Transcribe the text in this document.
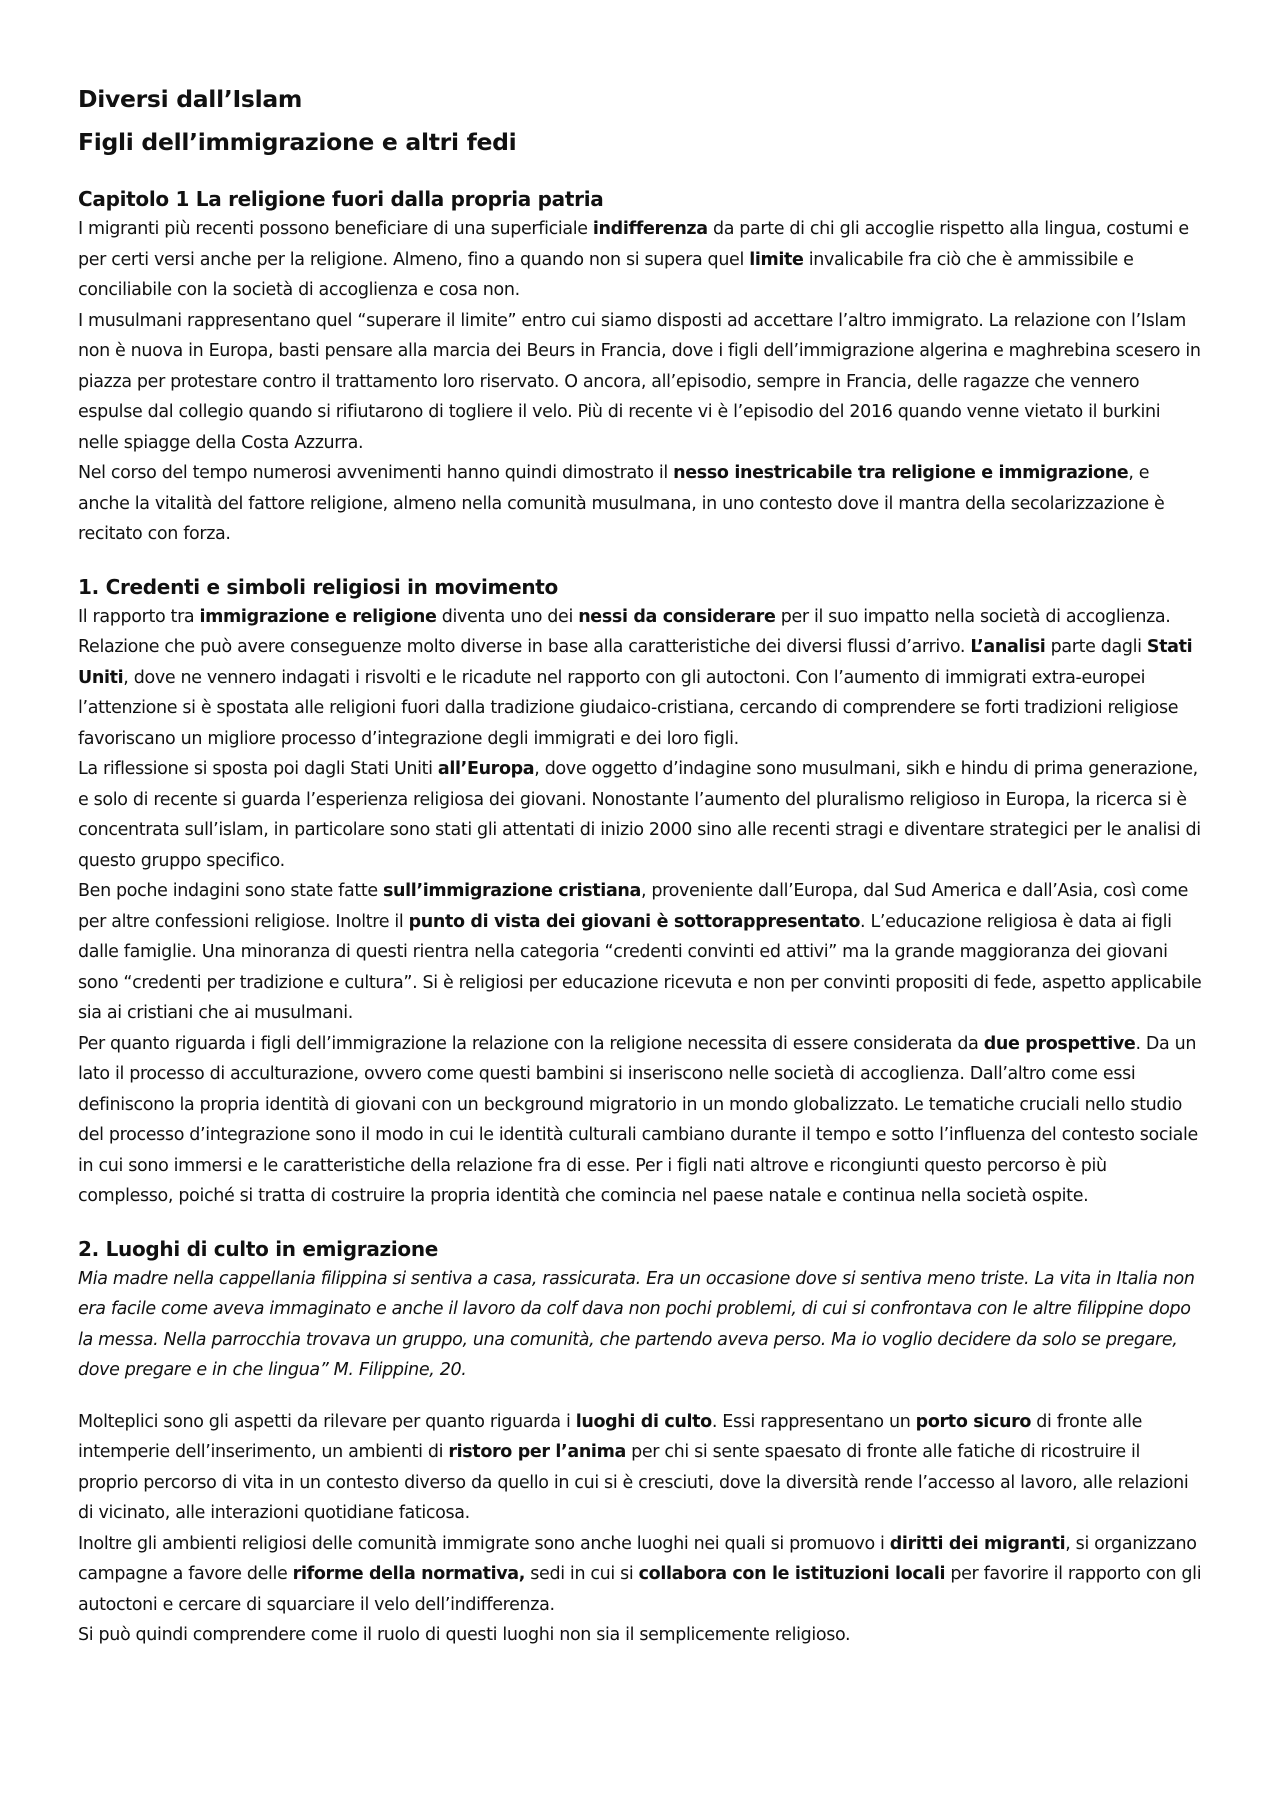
Diversi dall’Islam
Figli dell’immigrazione e altri fedi
Capitolo 1 La religione fuori dalla propria patria

I migranti più recenti possono beneficiare di una superficiale indifferenza da parte di chi gli accoglie rispetto alla lingua, costumi e per certi versi anche per la religione. Almeno, fino a quando non si supera quel limite invalicabile fra ciò che è ammissibile e conciliabile con la società di accoglienza e cosa non.

I musulmani rappresentano quel “superare il limite” entro cui siamo disposti ad accettare l’altro immigrato. La relazione con l’Islam non è nuova in Europa, basti pensare alla marcia dei Beurs in Francia, dove i figli dell’immigrazione algerina e maghrebina scesero in piazza per protestare contro il trattamento loro riservato. O ancora, all’episodio, sempre in Francia, delle ragazze che vennero espulse dal collegio quando si rifiutarono di togliere il velo. Più di recente vi è l’episodio del 2016 quando venne vietato il burkini nelle spiagge della Costa Azzurra.

Nel corso del tempo numerosi avvenimenti hanno quindi dimostrato il nesso inestricabile tra religione e immigrazione, e anche la vitalità del fattore religione, almeno nella comunità musulmana, in uno contesto dove il mantra della secolarizzazione è recitato con forza.

1. Credenti e simboli religiosi in movimento

Il rapporto tra immigrazione e religione diventa uno dei nessi da considerare per il suo impatto nella società di accoglienza. Relazione che può avere conseguenze molto diverse in base alla caratteristiche dei diversi flussi d’arrivo. L’analisi parte dagli Stati Uniti, dove ne vennero indagati i risvolti e le ricadute nel rapporto con gli autoctoni. Con l’aumento di immigrati extra-europei l’attenzione si è spostata alle religioni fuori dalla tradizione giudaico-cristiana, cercando di comprendere se forti tradizioni religiose favoriscano un migliore processo d’integrazione degli immigrati e dei loro figli.

La riflessione si sposta poi dagli Stati Uniti all’Europa, dove oggetto d’indagine sono musulmani, sikh e hindu di prima generazione, e solo di recente si guarda l’esperienza religiosa dei giovani. Nonostante l’aumento del pluralismo religioso in Europa, la ricerca si è concentrata sull’islam, in particolare sono stati gli attentati di inizio 2000 sino alle recenti stragi e diventare strategici per le analisi di questo gruppo specifico.

Ben poche indagini sono state fatte sull’immigrazione cristiana, proveniente dall’Europa, dal Sud America e dall’Asia, così come per altre confessioni religiose. Inoltre il punto di vista dei giovani è sottorappresentato. L’educazione religiosa è data ai figli dalle famiglie. Una minoranza di questi rientra nella categoria “credenti convinti ed attivi” ma la grande maggioranza dei giovani sono “credenti per tradizione e cultura”. Si è religiosi per educazione ricevuta e non per convinti propositi di fede, aspetto applicabile sia ai cristiani che ai musulmani.

Per quanto riguarda i figli dell’immigrazione la relazione con la religione necessita di essere considerata da due prospettive. Da un lato il processo di acculturazione, ovvero come questi bambini si inseriscono nelle società di accoglienza. Dall’altro come essi definiscono la propria identità di giovani con un beckground migratorio in un mondo globalizzato. Le tematiche cruciali nello studio del processo d’integrazione sono il modo in cui le identità culturali cambiano durante il tempo e sotto l’influenza del contesto sociale in cui sono immersi e le caratteristiche della relazione fra di esse. Per i figli nati altrove e ricongiunti questo percorso è più complesso, poiché si tratta di costruire la propria identità che comincia nel paese natale e continua nella società ospite.

2. Luoghi di culto in emigrazione

Mia madre nella cappellania filippina si sentiva a casa, rassicurata. Era un occasione dove si sentiva meno triste. La vita in Italia non era facile come aveva immaginato e anche il lavoro da colf dava non pochi problemi, di cui si confrontava con le altre filippine dopo la messa. Nella parrocchia trovava un gruppo, una comunità, che partendo aveva perso. Ma io voglio decidere da solo se pregare, dove pregare e in che lingua” M. Filippine, 20.

Molteplici sono gli aspetti da rilevare per quanto riguarda i luoghi di culto. Essi rappresentano un porto sicuro di fronte alle intemperie dell’inserimento, un ambienti di ristoro per l’anima per chi si sente spaesato di fronte alle fatiche di ricostruire il proprio percorso di vita in un contesto diverso da quello in cui si è cresciuti, dove la diversità rende l’accesso al lavoro, alle relazioni di vicinato, alle interazioni quotidiane faticosa.

Inoltre gli ambienti religiosi delle comunità immigrate sono anche luoghi nei quali si promuovo i diritti dei migranti, si organizzano campagne a favore delle riforme della normativa, sedi in cui si collabora con le istituzioni locali per favorire il rapporto con gli autoctoni e cercare di squarciare il velo dell’indifferenza.

Si può quindi comprendere come il ruolo di questi luoghi non sia il semplicemente religioso.
